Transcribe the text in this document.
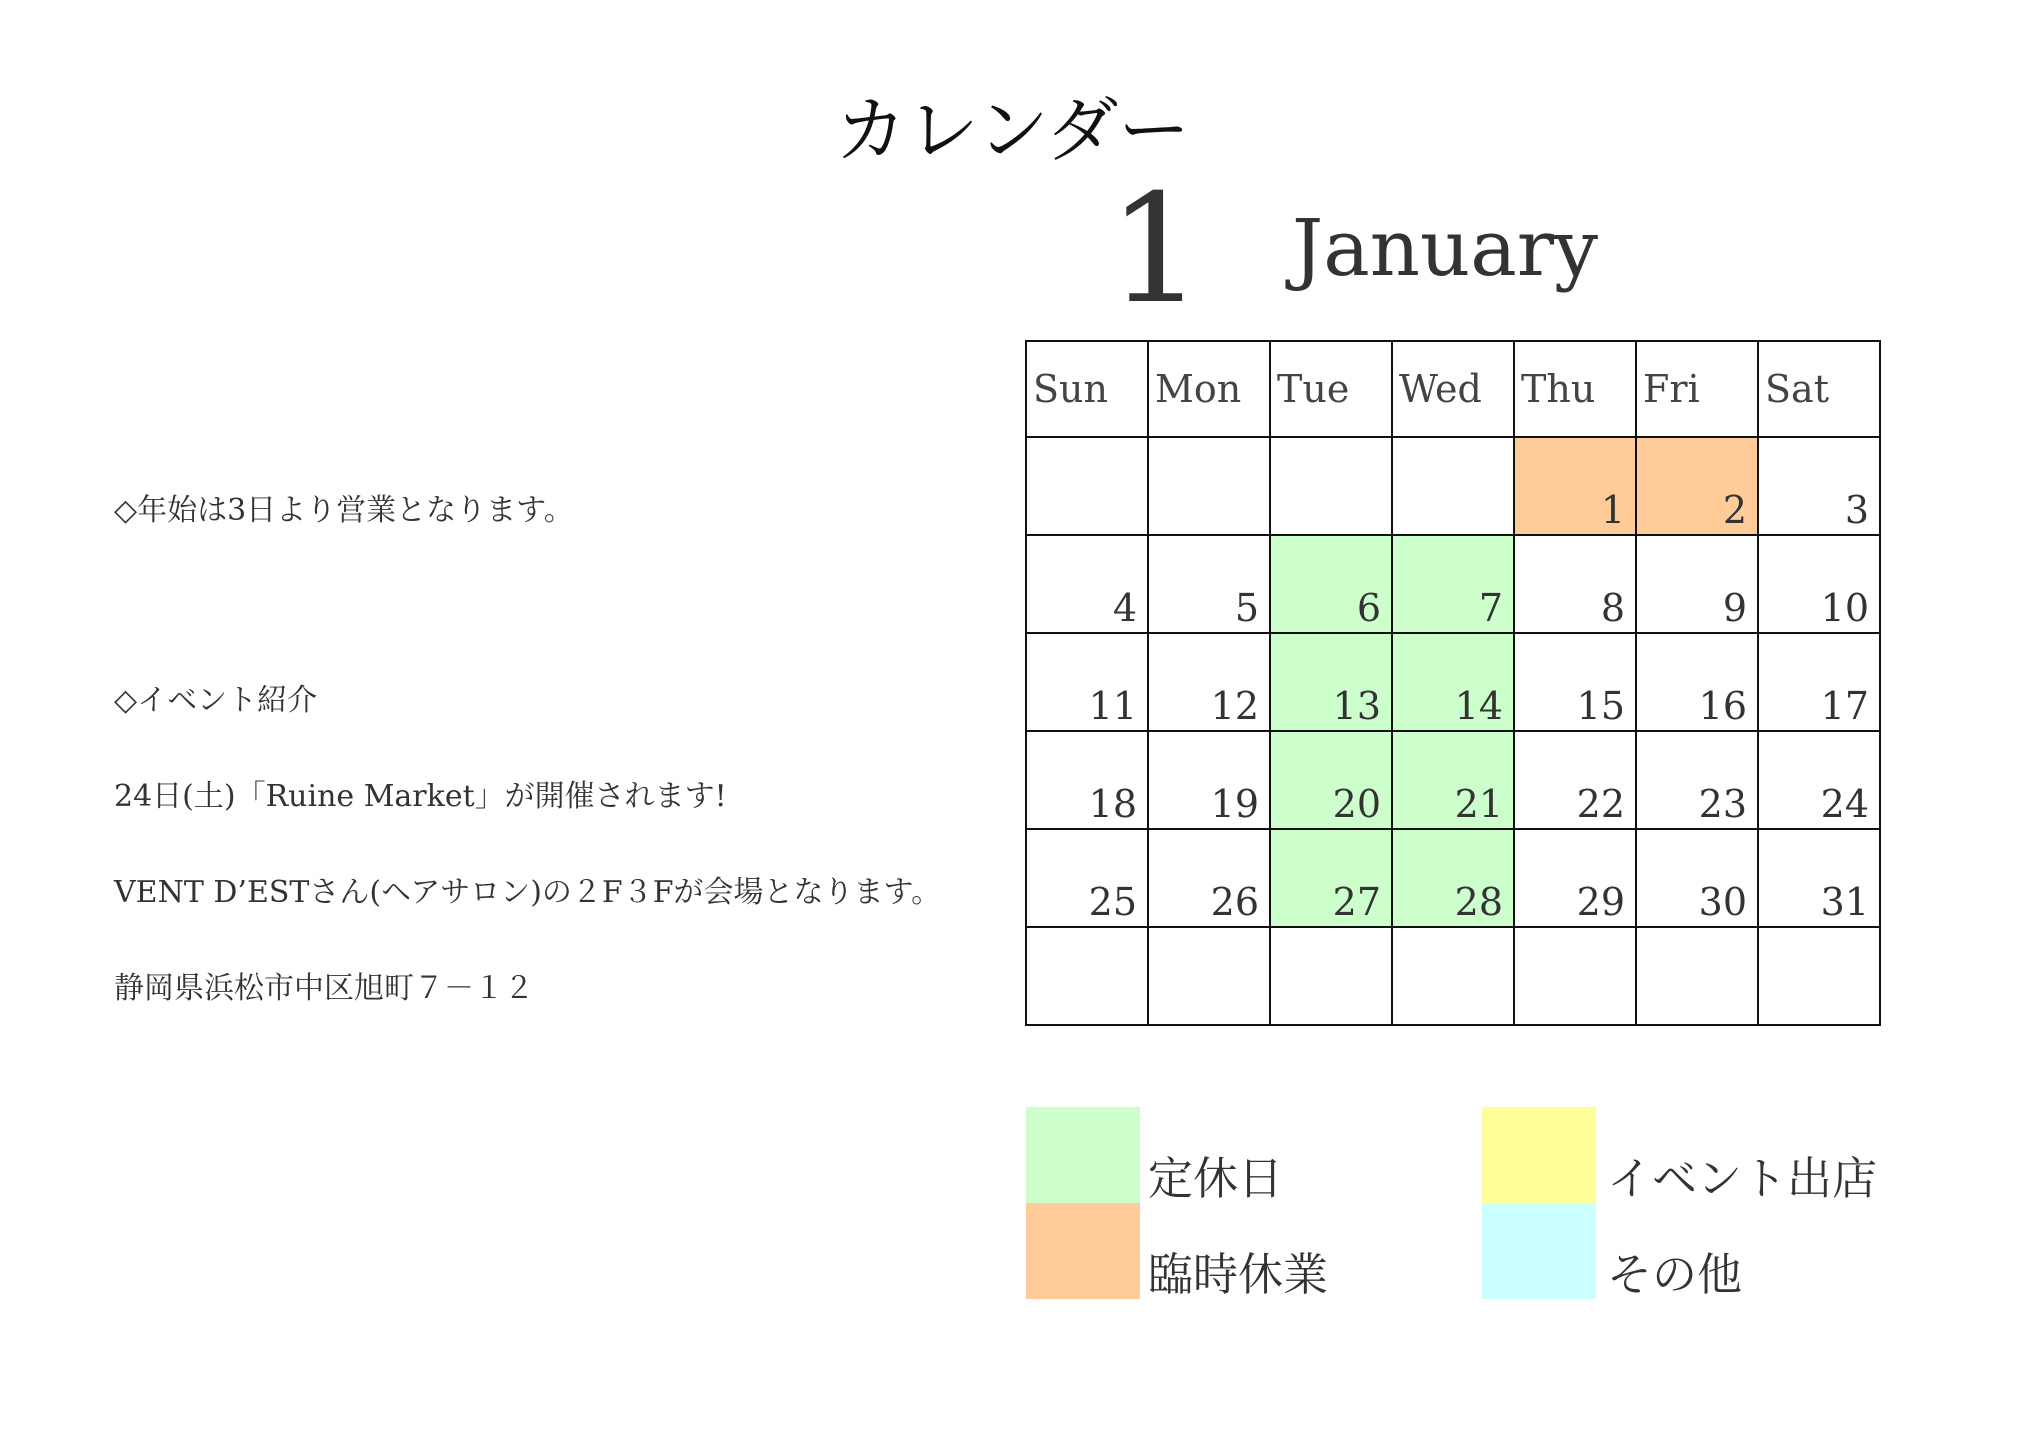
カレンダー
1 January
◇年始は3日より営業となります。
◇イベント紹介
24日(土)「Ruine Market」が開催されます!
VENT D’ESTさん(ヘアサロン)の２F３Fが会場となります。
静岡県浜松市中区旭町７－１２
Sun	Mon	Tue	Wed	Thu	Fri	Sat
				1	2	3
4	5	6	7	8	9	10
11	12	13	14	15	16	17
18	19	20	21	22	23	24
25	26	27	28	29	30	31

定休日
臨時休業
イベント出店
その他
